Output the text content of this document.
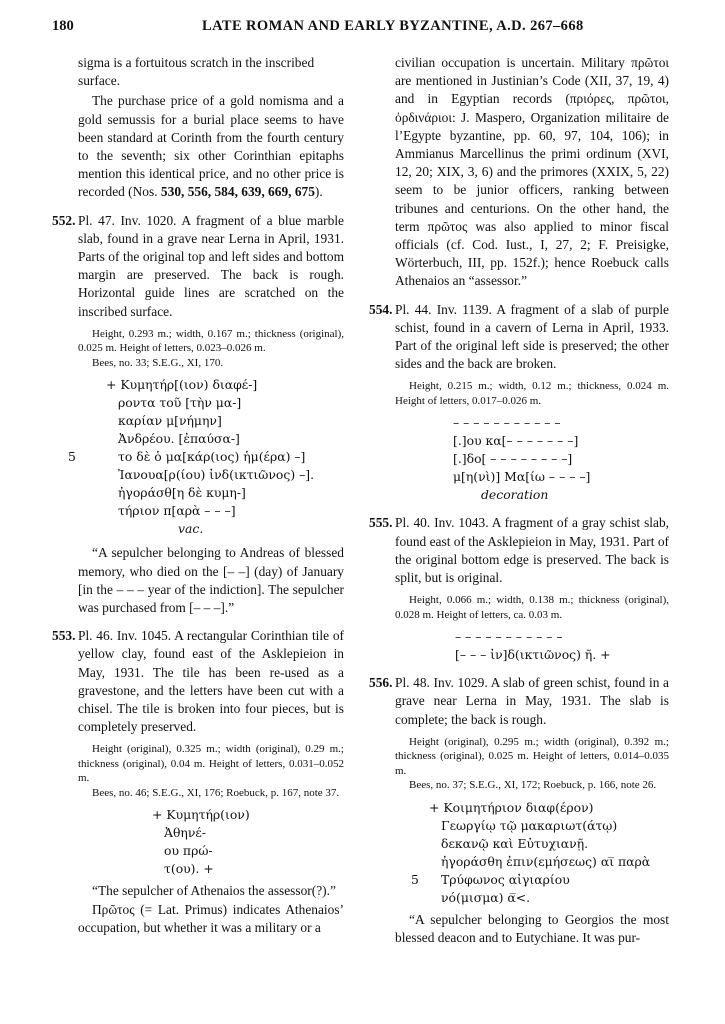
180	LATE ROMAN AND EARLY BYZANTINE, A.D. 267–668

sigma is a fortuitous scratch in the inscribed

surface.

The purchase price of a gold nomisma and a gold semussis for a burial place seems to have been standard at Corinth from the fourth century to the seventh; six other Corinthian epitaphs mention this identical price, and no other price is recorded (Nos. 530, 556, 584, 639, 669, 675).

552. Pl. 47. Inv. 1020. A fragment of a blue marble slab, found in a grave near Lerna in April, 1931. Parts of the original top and left sides and bottom margin are preserved. The back is rough. Horizontal guide lines are scratched on the inscribed surface.

Height, 0.293 m.; width, 0.167 m.; thickness (original), 0.025 m. Height of letters, 0.023–0.026 m.
Bees, no. 33; S.E.G., XI, 170.
+ Κυμητήρ[(ιον) διαφέ-]
ροντα τοῦ [τὴν μα-]
καρίαν μ[νήμην]
Ἀνδρέου. [ἐπαύσα-]
το δὲ ὁ μα[κάρ(ιος) ἡμ(έρα) –]
Ἰανουα[ρ(ίου) ἰνδ(ικτιῶνος) –].
ἠγοράσθ[η δὲ κυμη-]
τήριον π[αρὰ – – –]
vac.
5

“A sepulcher belonging to Andreas of blessed memory, who died on the [– –] (day) of January [in the – – – year of the indiction]. The sepulcher was purchased from [– – –].”

553. Pl. 46. Inv. 1045. A rectangular Corinthian tile of yellow clay, found east of the Asklepieion in May, 1931. The tile has been re-used as a gravestone, and the letters have been cut with a chisel. The tile is broken into four pieces, but is completely preserved.

Height (original), 0.325 m.; width (original), 0.29 m.; thickness (original), 0.04 m. Height of letters, 0.031–0.052 m.
Bees, no. 46; S.E.G., XI, 176; Roebuck, p. 167, note 37.
+ Κυμητήρ(ιον)
Ἀθηνέ-
ου πρώ-
τ(ου). +

“The sepulcher of Athenaios the assessor(?).”

Πρῶτος (= Lat. Primus) indicates Athenaios’ occupation, but whether it was a military or a

civilian occupation is uncertain. Military πρῶτοι are mentioned in Justinian’s Code (XII, 37, 19, 4) and in Egyptian records (πριόρες, πρῶτοι, ὀρδινάριοι: J. Maspero, Organization militaire de l’Egypte byzantine, pp. 60, 97, 104, 106); in Ammianus Marcellinus the primi ordinum (XVI, 12, 20; XIX, 3, 6) and the primores (XXIX, 5, 22) seem to be junior officers, ranking between tribunes and centurions. On the other hand, the term πρῶτος was also applied to minor fiscal officials (cf. Cod. Iust., I, 27, 2; F. Preisigke, Wörterbuch, III, pp. 152f.); hence Roebuck calls Athenaios an “assessor.”

554. Pl. 44. Inv. 1139. A fragment of a slab of purple schist, found in a cavern of Lerna in April, 1933. Part of the original left side is preserved; the other sides and the back are broken.

Height, 0.215 m.; width, 0.12 m.; thickness, 0.024 m. Height of letters, 0.017–0.026 m.
– – – – – – – – – – –
[.]ου κα[– – – – – – –]
[.]δο[ – – – – – – – –]
μ[η(νὶ)] Μα[ίω – – – –]
decoration

555. Pl. 40. Inv. 1043. A fragment of a gray schist slab, found east of the Asklepieion in May, 1931. Part of the original bottom edge is preserved. The back is split, but is original.

Height, 0.066 m.; width, 0.138 m.; thickness (original), 0.028 m. Height of letters, ca. 0.03 m.
– – – – – – – – – – –
[– – – ἰν]δ(ικτιῶνος) ῆ. +

556. Pl. 48. Inv. 1029. A slab of green schist, found in a grave near Lerna in May, 1931. The slab is complete; the back is rough.

Height (original), 0.295 m.; width (original), 0.392 m.; thickness (original), 0.025 m. Height of letters, 0.014–0.035 m.
Bees, no. 37; S.E.G., XI, 172; Roebuck, p. 166, note 26.
+ Κοιμητήριον διαφ(έρον)
Γεωργίῳ τῷ μακαριωτ(άτῳ)
δεκανῷ καὶ Εὐτυχιανῇ.
ἠγοράσθη ἐπιν(εμήσεως) αι̅ παρὰ
Τρύφωνος αἰγιαρίου
νό(μισμα) α̅<.
5

“A sepulcher belonging to Georgios the most blessed deacon and to Eutychiane. It was pur-
